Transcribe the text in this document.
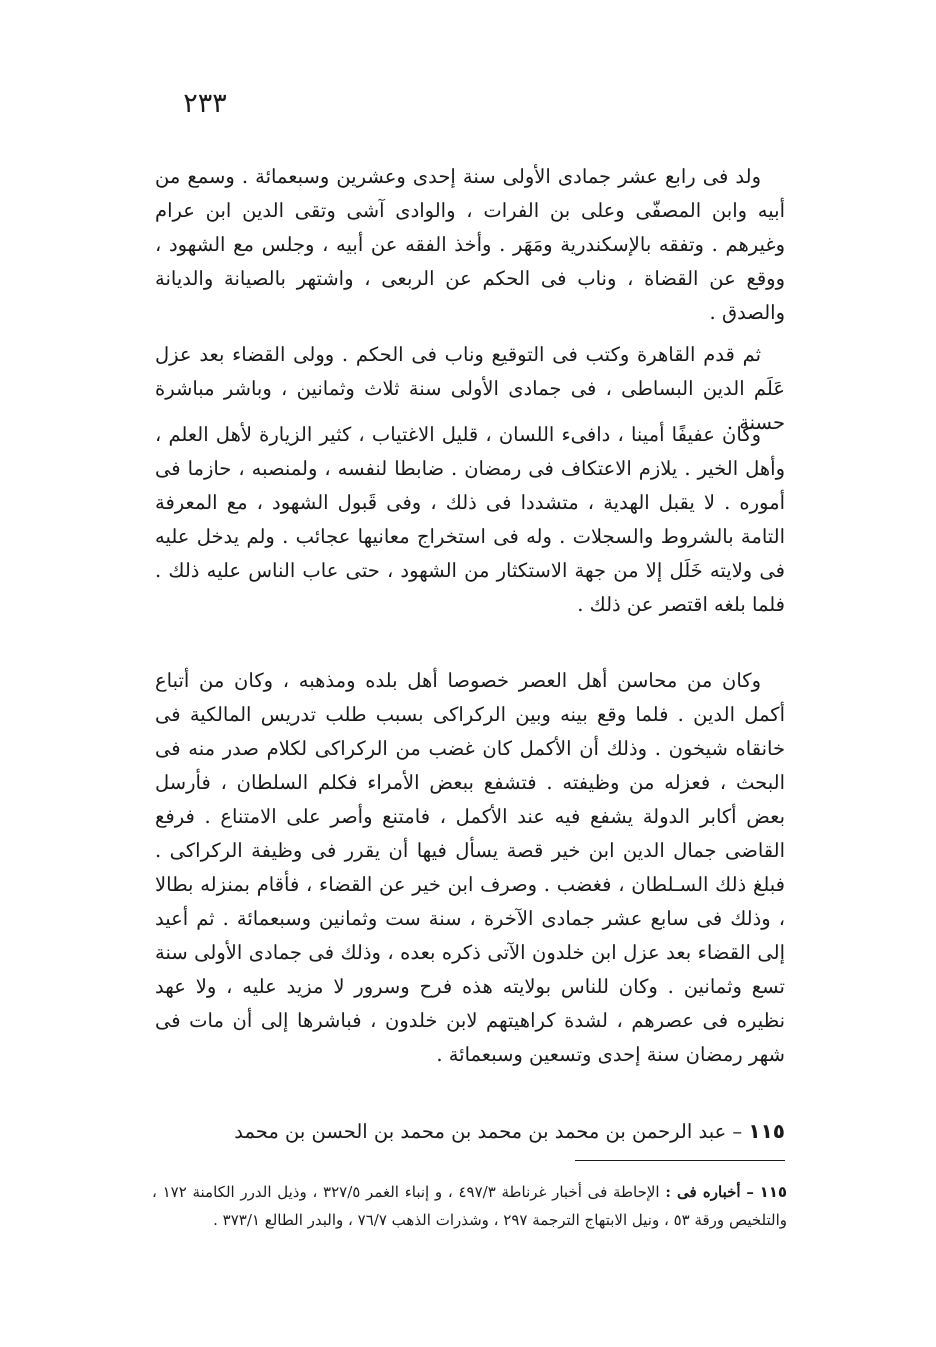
٢٣٣

ولد فى رابع عشر جمادى الأولى سنة إحدى وعشرين وسبعمائة . وسمع من أبيه وابن المصفّى وعلى بن الفرات ، والوادى آشى وتقى الدين ابن عرام وغيرهم . وتفقه بالإسكندرية ومَهَر . وأخذ الفقه عن أبيه ، وجلس مع الشهود ، ووقع عن القضاة ، وناب فى الحكم عن الربعى ، واشتهر بالصيانة والديانة والصدق .

ثم قدم القاهرة وكتب فى التوقيع وناب فى الحكم . وولى القضاء بعد عزل عَلَم الدين البساطى ، فى جمادى الأولى سنة ثلاث وثمانين ، وباشر مباشرة حسنة .

وكان عفيفًا أمينا ، دافىء اللسان ، قليل الاغتياب ، كثير الزيارة لأهل العلم ، وأهل الخير . يلازم الاعتكاف فى رمضان . ضابطا لنفسه ، ولمنصبه ، حازما فى أموره . لا يقبل الهدية ، متشددا فى ذلك ، وفى قَبول الشهود ، مع المعرفة التامة بالشروط والسجلات . وله فى استخراج معانيها عجائب . ولم يدخل عليه فى ولايته خَلَل إلا من جهة الاستكثار من الشهود ، حتى عاب الناس عليه ذلك . فلما بلغه اقتصر عن ذلك .

وكان من محاسن أهل العصر خصوصا أهل بلده ومذهبه ، وكان من أتباع أكمل الدين . فلما وقع بينه وبين الركراكى بسبب طلب تدريس المالكية فى خانقاه شيخون . وذلك أن الأكمل كان غضب من الركراكى لكلام صدر منه فى البحث ، فعزله من وظيفته . فتشفع ببعض الأمراء فكلم السلطان ، فأرسل بعض أكابر الدولة يشفع فيه عند الأكمل ، فامتنع وأصر على الامتناع . فرفع القاضى جمال الدين ابن خير قصة يسأل فيها أن يقرر فى وظيفة الركراكى . فبلغ ذلك السـلطان ، فغضب . وصرف ابن خير عن القضاء ، فأقام بمنزله بطالا ، وذلك فى سابع عشر جمادى الآخرة ، سنة ست وثمانين وسبعمائة . ثم أعيد إلى القضاء بعد عزل ابن خلدون الآتى ذكره بعده ، وذلك فى جمادى الأولى سنة تسع وثمانين . وكان للناس بولايته هذه فرح وسرور لا مزيد عليه ، ولا عهد نظيره فى عصرهم ، لشدة كراهيتهم لابن خلدون ، فباشرها إلى أن مات فى شهر رمضان سنة إحدى وتسعين وسبعمائة .

١١٥ – عبد الرحمن بن محمد بن محمد بن محمد بن الحسن بن محمد

١١٥ – أخباره فى : الإحاطة فى أخبار غرناطة ٤٩٧/٣ ، و إنباء الغمر ٣٢٧/٥ ، وذيل الدرر الكامنة ١٧٢ ، والتلخيص ورقة ٥٣ ، ونيل الابتهاج الترجمة ٢٩٧ ، وشذرات الذهب ٧٦/٧ ، والبدر الطالع ٣٧٣/١ .
